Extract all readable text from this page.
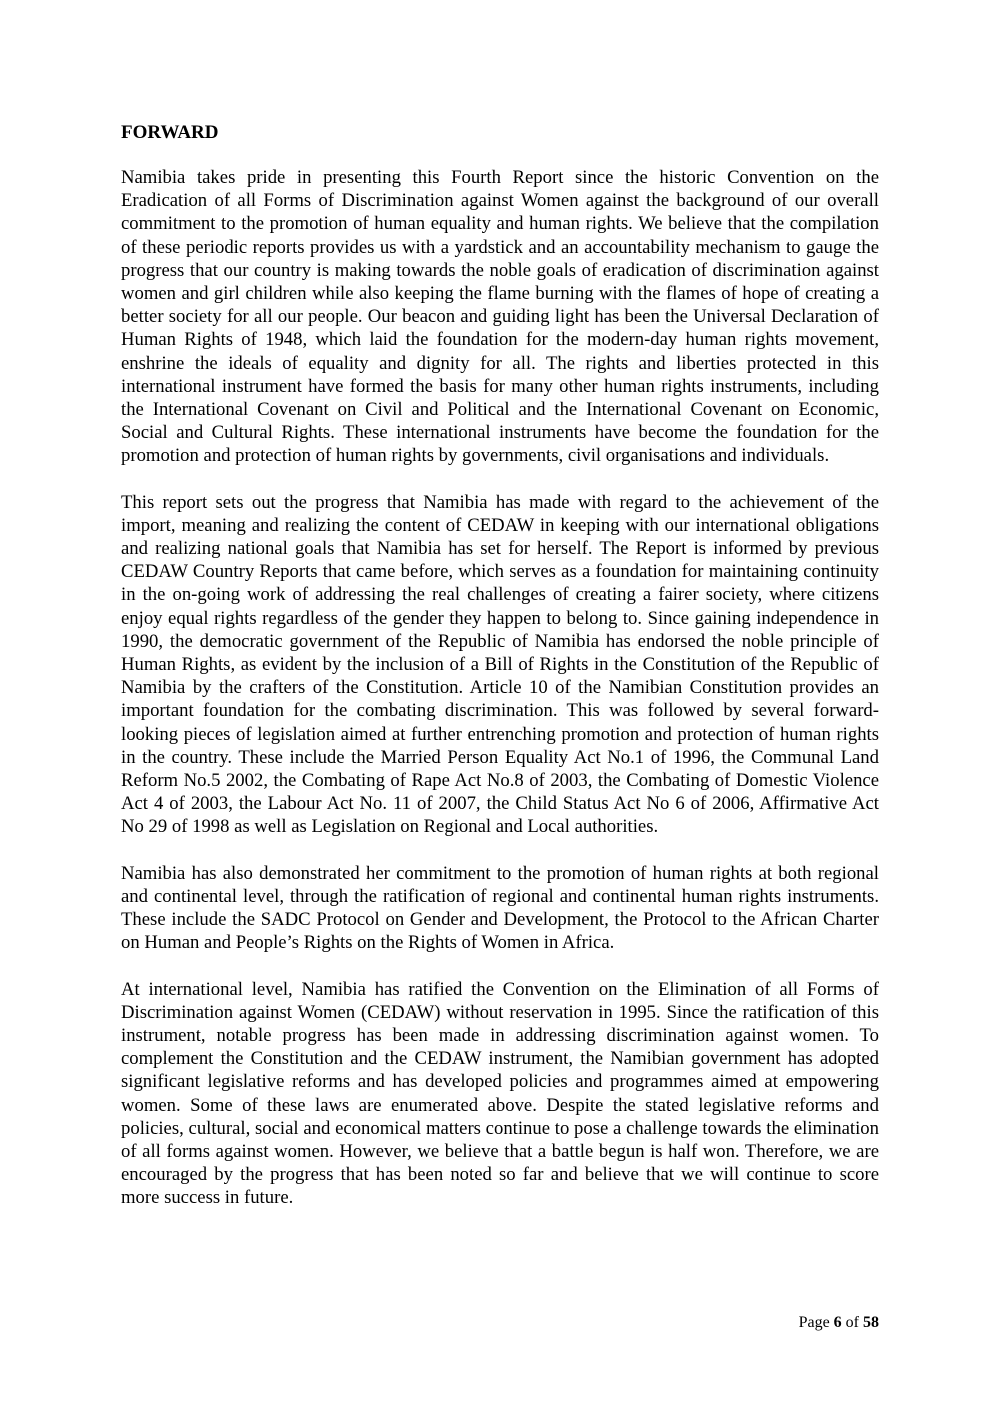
FORWARD

Namibia takes pride in presenting this Fourth Report since the historic Convention on the Eradication of all Forms of Discrimination against Women against the background of our overall commitment to the promotion of human equality and human rights. We believe that the compilation of these periodic reports provides us with a yardstick and an accountability mechanism to gauge the progress that our country is making towards the noble goals of eradication of discrimination against women and girl children while also keeping the flame burning with the flames of hope of creating a better society for all our people. Our beacon and guiding light has been the Universal Declaration of Human Rights of 1948, which laid the foundation for the modern-day human rights movement, enshrine the ideals of equality and dignity for all. The rights and liberties protected in this international instrument have formed the basis for many other human rights instruments, including the International Covenant on Civil and Political and the International Covenant on Economic, Social and Cultural Rights. These international instruments have become the foundation for the promotion and protection of human rights by governments, civil organisations and individuals.

This report sets out the progress that Namibia has made with regard to the achievement of the import, meaning and realizing the content of CEDAW in keeping with our international obligations and realizing national goals that Namibia has set for herself. The Report is informed by previous CEDAW Country Reports that came before, which serves as a foundation for maintaining continuity in the on-going work of addressing the real challenges of creating a fairer society, where citizens enjoy equal rights regardless of the gender they happen to belong to. Since gaining independence in 1990, the democratic government of the Republic of Namibia has endorsed the noble principle of Human Rights, as evident by the inclusion of a Bill of Rights in the Constitution of the Republic of Namibia by the crafters of the Constitution. Article 10 of the Namibian Constitution provides an important foundation for the combating discrimination. This was followed by several forward-looking pieces of legislation aimed at further entrenching promotion and protection of human rights in the country. These include the Married Person Equality Act No.1 of 1996, the Communal Land Reform No.5 2002, the Combating of Rape Act No.8 of 2003, the Combating of Domestic Violence Act 4 of 2003, the Labour Act No. 11 of 2007, the Child Status Act No 6 of 2006, Affirmative Act No 29 of 1998 as well as Legislation on Regional and Local authorities.

Namibia has also demonstrated her commitment to the promotion of human rights at both regional and continental level, through the ratification of regional and continental human rights instruments. These include the SADC Protocol on Gender and Development, the Protocol to the African Charter on Human and People’s Rights on the Rights of Women in Africa.

At international level, Namibia has ratified the Convention on the Elimination of all Forms of Discrimination against Women (CEDAW) without reservation in 1995. Since the ratification of this instrument, notable progress has been made in addressing discrimination against women. To complement the Constitution and the CEDAW instrument, the Namibian government has adopted significant legislative reforms and has developed policies and programmes aimed at empowering women. Some of these laws are enumerated above. Despite the stated legislative reforms and policies, cultural, social and economical matters continue to pose a challenge towards the elimination of all forms against women. However, we believe that a battle begun is half won. Therefore, we are encouraged by the progress that has been noted so far and believe that we will continue to score more success in future.

Page 6 of 58
